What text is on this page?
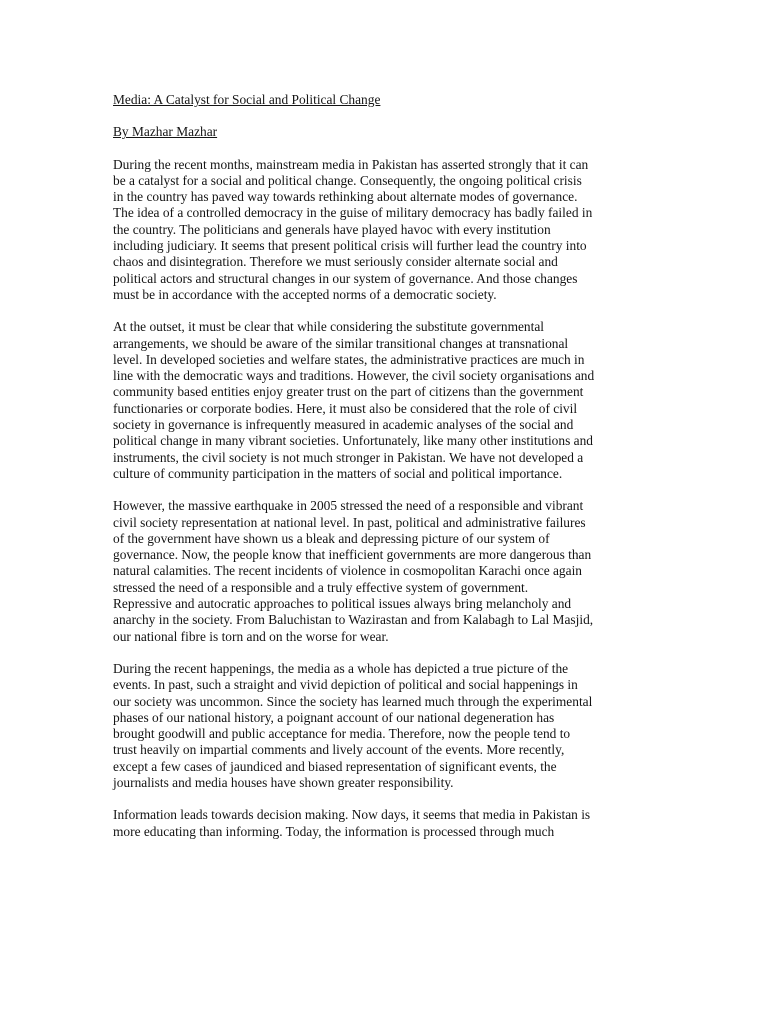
Media: A Catalyst for Social and Political Change
By Mazhar Mazhar

During the recent months, mainstream media in Pakistan has asserted strongly that it can
be a catalyst for a social and political change. Consequently, the ongoing political crisis
in the country has paved way towards rethinking about alternate modes of governance.
The idea of a controlled democracy in the guise of military democracy has badly failed in
the country. The politicians and generals have played havoc with every institution
including judiciary. It seems that present political crisis will further lead the country into
chaos and disintegration. Therefore we must seriously consider alternate social and
political actors and structural changes in our system of governance. And those changes
must be in accordance with the accepted norms of a democratic society.

At the outset, it must be clear that while considering the substitute governmental
arrangements, we should be aware of the similar transitional changes at transnational
level. In developed societies and welfare states, the administrative practices are much in
line with the democratic ways and traditions. However, the civil society organisations and
community based entities enjoy greater trust on the part of citizens than the government
functionaries or corporate bodies. Here, it must also be considered that the role of civil
society in governance is infrequently measured in academic analyses of the social and
political change in many vibrant societies. Unfortunately, like many other institutions and
instruments, the civil society is not much stronger in Pakistan. We have not developed a
culture of community participation in the matters of social and political importance.

However, the massive earthquake in 2005 stressed the need of a responsible and vibrant
civil society representation at national level. In past, political and administrative failures
of the government have shown us a bleak and depressing picture of our system of
governance. Now, the people know that inefficient governments are more dangerous than
natural calamities. The recent incidents of violence in cosmopolitan Karachi once again
stressed the need of a responsible and a truly effective system of government.
Repressive and autocratic approaches to political issues always bring melancholy and
anarchy in the society. From Baluchistan to Wazirastan and from Kalabagh to Lal Masjid,
our national fibre is torn and on the worse for wear.

During the recent happenings, the media as a whole has depicted a true picture of the
events. In past, such a straight and vivid depiction of political and social happenings in
our society was uncommon. Since the society has learned much through the experimental
phases of our national history, a poignant account of our national degeneration has
brought goodwill and public acceptance for media. Therefore, now the people tend to
trust heavily on impartial comments and lively account of the events. More recently,
except a few cases of jaundiced and biased representation of significant events, the
journalists and media houses have shown greater responsibility.

Information leads towards decision making. Now days, it seems that media in Pakistan is
more educating than informing. Today, the information is processed through much
